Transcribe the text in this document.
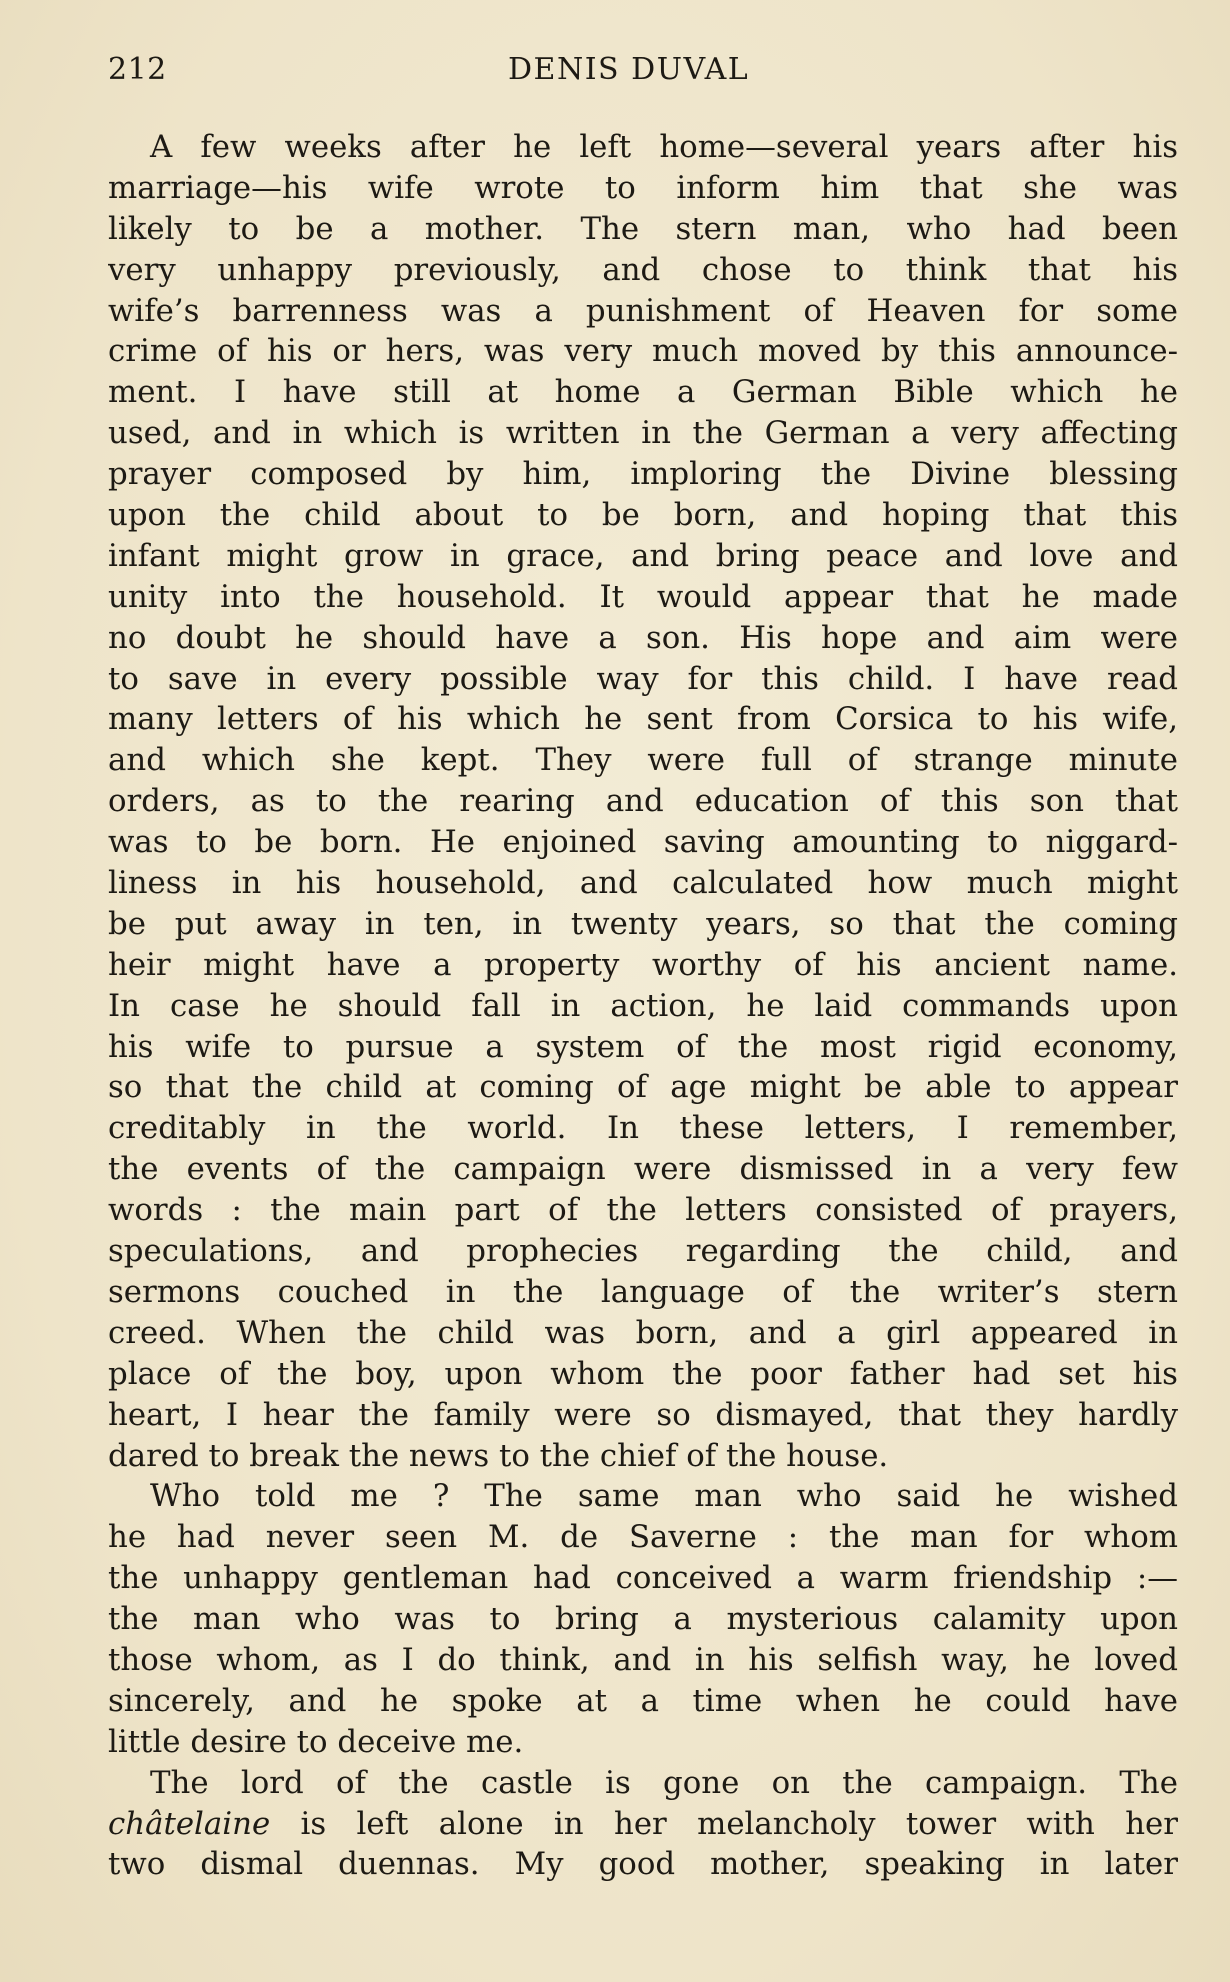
212	DENIS DUVAL
A few weeks after he left home—several years after his
marriage—his wife wrote to inform him that she was
likely to be a mother. The stern man, who had been
very unhappy previously, and chose to think that his
wife’s barrenness was a punishment of Heaven for some
crime of his or hers, was very much moved by this announce-
ment. I have still at home a German Bible which he
used, and in which is written in the German a very affecting
prayer composed by him, imploring the Divine blessing
upon the child about to be born, and hoping that this
infant might grow in grace, and bring peace and love and
unity into the household. It would appear that he made
no doubt he should have a son. His hope and aim were
to save in every possible way for this child. I have read
many letters of his which he sent from Corsica to his wife,
and which she kept. They were full of strange minute
orders, as to the rearing and education of this son that
was to be born. He enjoined saving amounting to niggard-
liness in his household, and calculated how much might
be put away in ten, in twenty years, so that the coming
heir might have a property worthy of his ancient name.
In case he should fall in action, he laid commands upon
his wife to pursue a system of the most rigid economy,
so that the child at coming of age might be able to appear
creditably in the world. In these letters, I remember,
the events of the campaign were dismissed in a very few
words : the main part of the letters consisted of prayers,
speculations, and prophecies regarding the child, and
sermons couched in the language of the writer’s stern
creed. When the child was born, and a girl appeared in
place of the boy, upon whom the poor father had set his
heart, I hear the family were so dismayed, that they hardly
dared to break the news to the chief of the house.
Who told me ? The same man who said he wished
he had never seen M. de Saverne : the man for whom
the unhappy gentleman had conceived a warm friendship :—
the man who was to bring a mysterious calamity upon
those whom, as I do think, and in his selfish way, he loved
sincerely, and he spoke at a time when he could have
little desire to deceive me.
The lord of the castle is gone on the campaign. The
châtelaine is left alone in her melancholy tower with her
two dismal duennas. My good mother, speaking in later
